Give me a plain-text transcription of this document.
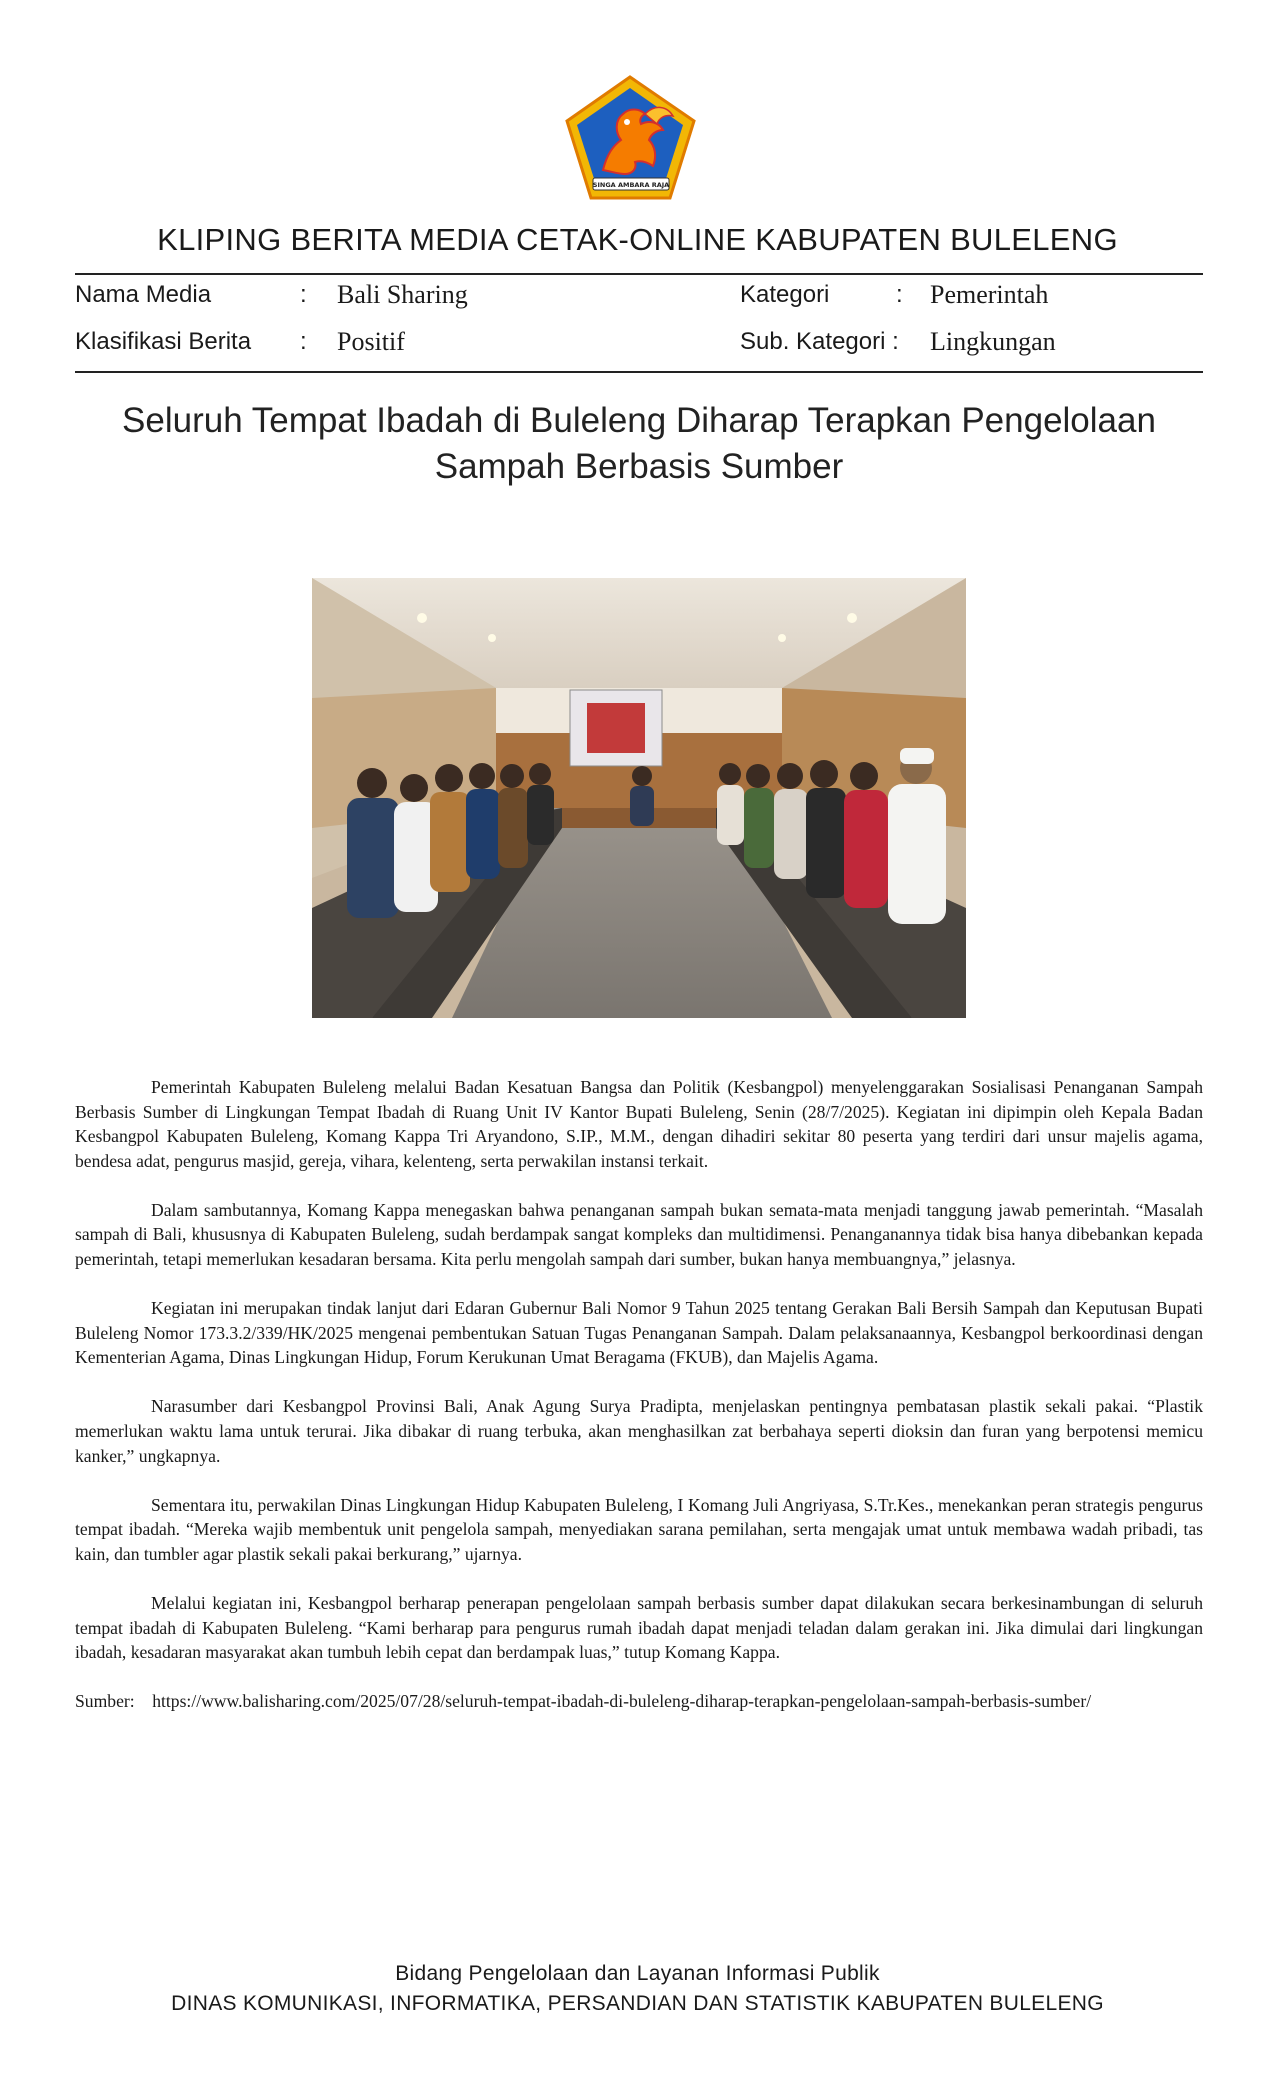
SINGA AMBARA RAJA
KLIPING BERITA MEDIA CETAK-ONLINE KABUPATEN BULELENG
Nama Media	: Bali Sharing	Kategori	: Pemerintah
Klasifikasi Berita : Positif	Sub. Kategori : Lingkungan
Seluruh Tempat Ibadah di Buleleng Diharap Terapkan Pengelolaan Sampah Berbasis Sumber

Pemerintah Kabupaten Buleleng melalui Badan Kesatuan Bangsa dan Politik (Kesbangpol) menyelenggarakan Sosialisasi Penanganan Sampah Berbasis Sumber di Lingkungan Tempat Ibadah di Ruang Unit IV Kantor Bupati Buleleng, Senin (28/7/2025). Kegiatan ini dipimpin oleh Kepala Badan Kesbangpol Kabupaten Buleleng, Komang Kappa Tri Aryandono, S.IP., M.M., dengan dihadiri sekitar 80 peserta yang terdiri dari unsur majelis agama, bendesa adat, pengurus masjid, gereja, vihara, kelenteng, serta perwakilan instansi terkait.

Dalam sambutannya, Komang Kappa menegaskan bahwa penanganan sampah bukan semata-mata menjadi tanggung jawab pemerintah. “Masalah sampah di Bali, khususnya di Kabupaten Buleleng, sudah berdampak sangat kompleks dan multidimensi. Penanganannya tidak bisa hanya dibebankan kepada pemerintah, tetapi memerlukan kesadaran bersama. Kita perlu mengolah sampah dari sumber, bukan hanya membuangnya,” jelasnya.

Kegiatan ini merupakan tindak lanjut dari Edaran Gubernur Bali Nomor 9 Tahun 2025 tentang Gerakan Bali Bersih Sampah dan Keputusan Bupati Buleleng Nomor 173.3.2/339/HK/2025 mengenai pembentukan Satuan Tugas Penanganan Sampah. Dalam pelaksanaannya, Kesbangpol berkoordinasi dengan Kementerian Agama, Dinas Lingkungan Hidup, Forum Kerukunan Umat Beragama (FKUB), dan Majelis Agama.

Narasumber dari Kesbangpol Provinsi Bali, Anak Agung Surya Pradipta, menjelaskan pentingnya pembatasan plastik sekali pakai. “Plastik memerlukan waktu lama untuk terurai. Jika dibakar di ruang terbuka, akan menghasilkan zat berbahaya seperti dioksin dan furan yang berpotensi memicu kanker,” ungkapnya.

Sementara itu, perwakilan Dinas Lingkungan Hidup Kabupaten Buleleng, I Komang Juli Angriyasa, S.Tr.Kes., menekankan peran strategis pengurus tempat ibadah. “Mereka wajib membentuk unit pengelola sampah, menyediakan sarana pemilahan, serta mengajak umat untuk membawa wadah pribadi, tas kain, dan tumbler agar plastik sekali pakai berkurang,” ujarnya.

Melalui kegiatan ini, Kesbangpol berharap penerapan pengelolaan sampah berbasis sumber dapat dilakukan secara berkesinambungan di seluruh tempat ibadah di Kabupaten Buleleng. “Kami berharap para pengurus rumah ibadah dapat menjadi teladan dalam gerakan ini. Jika dimulai dari lingkungan ibadah, kesadaran masyarakat akan tumbuh lebih cepat dan berdampak luas,” tutup Komang Kappa.

Sumber: https://www.balisharing.com/2025/07/28/seluruh-tempat-ibadah-di-buleleng-diharap-terapkan-pengelolaan-sampah-berbasis-sumber/
Bidang Pengelolaan dan Layanan Informasi Publik
DINAS KOMUNIKASI, INFORMATIKA, PERSANDIAN DAN STATISTIK KABUPATEN BULELENG
